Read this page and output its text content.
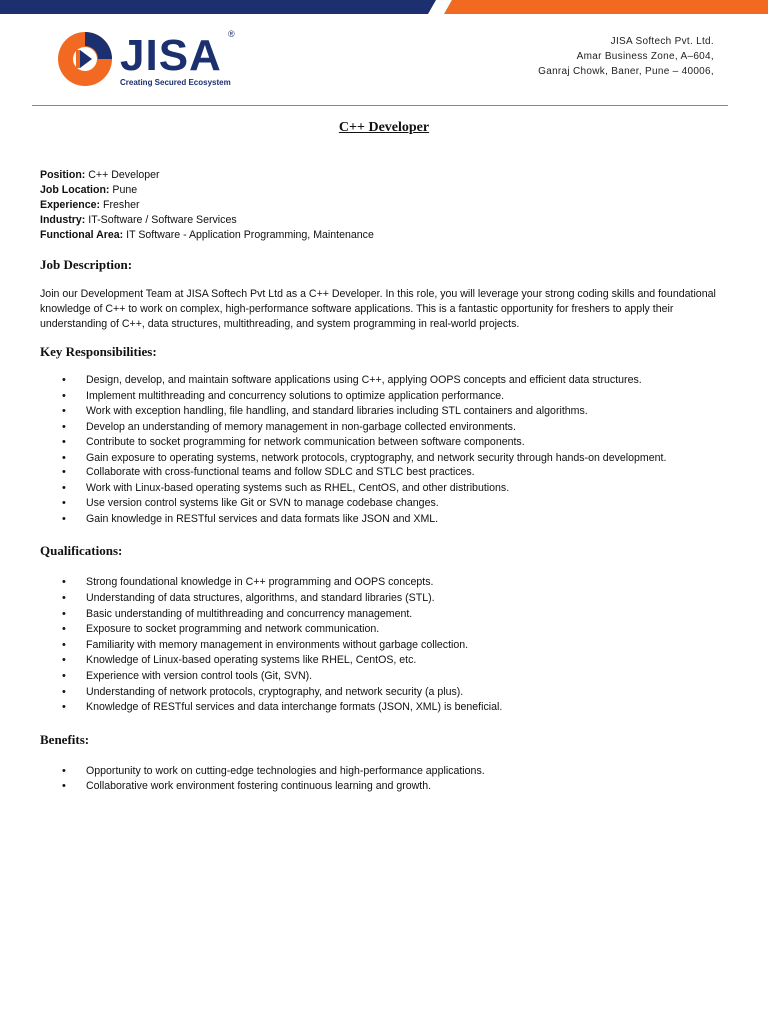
JISA ®
Creating Secured Ecosystem
JISA Softech Pvt. Ltd.
Amar Business Zone, A–604,
Ganraj Chowk, Baner, Pune – 40006,
C++ Developer
Position: C++ Developer
Job Location: Pune
Experience: Fresher
Industry: IT-Software / Software Services
Functional Area: IT Software - Application Programming, Maintenance
Job Description:

Join our Development Team at JISA Softech Pvt Ltd as a C++ Developer. In this role, you will leverage your strong coding skills and foundational knowledge of C++ to work on complex, high-performance software applications. This is a fantastic opportunity for freshers to apply their understanding of C++, data structures, multithreading, and system programming in real-world projects.

Key Responsibilities:
• Design, develop, and maintain software applications using C++, applying OOPS concepts and efficient data structures.
• Implement multithreading and concurrency solutions to optimize application performance.
• Work with exception handling, file handling, and standard libraries including STL containers and algorithms.
• Develop an understanding of memory management in non-garbage collected environments.
• Contribute to socket programming for network communication between software components.
• Gain exposure to operating systems, network protocols, cryptography, and network security through hands-on development.
• Collaborate with cross-functional teams and follow SDLC and STLC best practices.
• Work with Linux-based operating systems such as RHEL, CentOS, and other distributions.
• Use version control systems like Git or SVN to manage codebase changes.
• Gain knowledge in RESTful services and data formats like JSON and XML.
Qualifications:
• Strong foundational knowledge in C++ programming and OOPS concepts.
• Understanding of data structures, algorithms, and standard libraries (STL).
• Basic understanding of multithreading and concurrency management.
• Exposure to socket programming and network communication.
• Familiarity with memory management in environments without garbage collection.
• Knowledge of Linux-based operating systems like RHEL, CentOS, etc.
• Experience with version control tools (Git, SVN).
• Understanding of network protocols, cryptography, and network security (a plus).
• Knowledge of RESTful services and data interchange formats (JSON, XML) is beneficial.
Benefits:
• Opportunity to work on cutting-edge technologies and high-performance applications.
• Collaborative work environment fostering continuous learning and growth.
